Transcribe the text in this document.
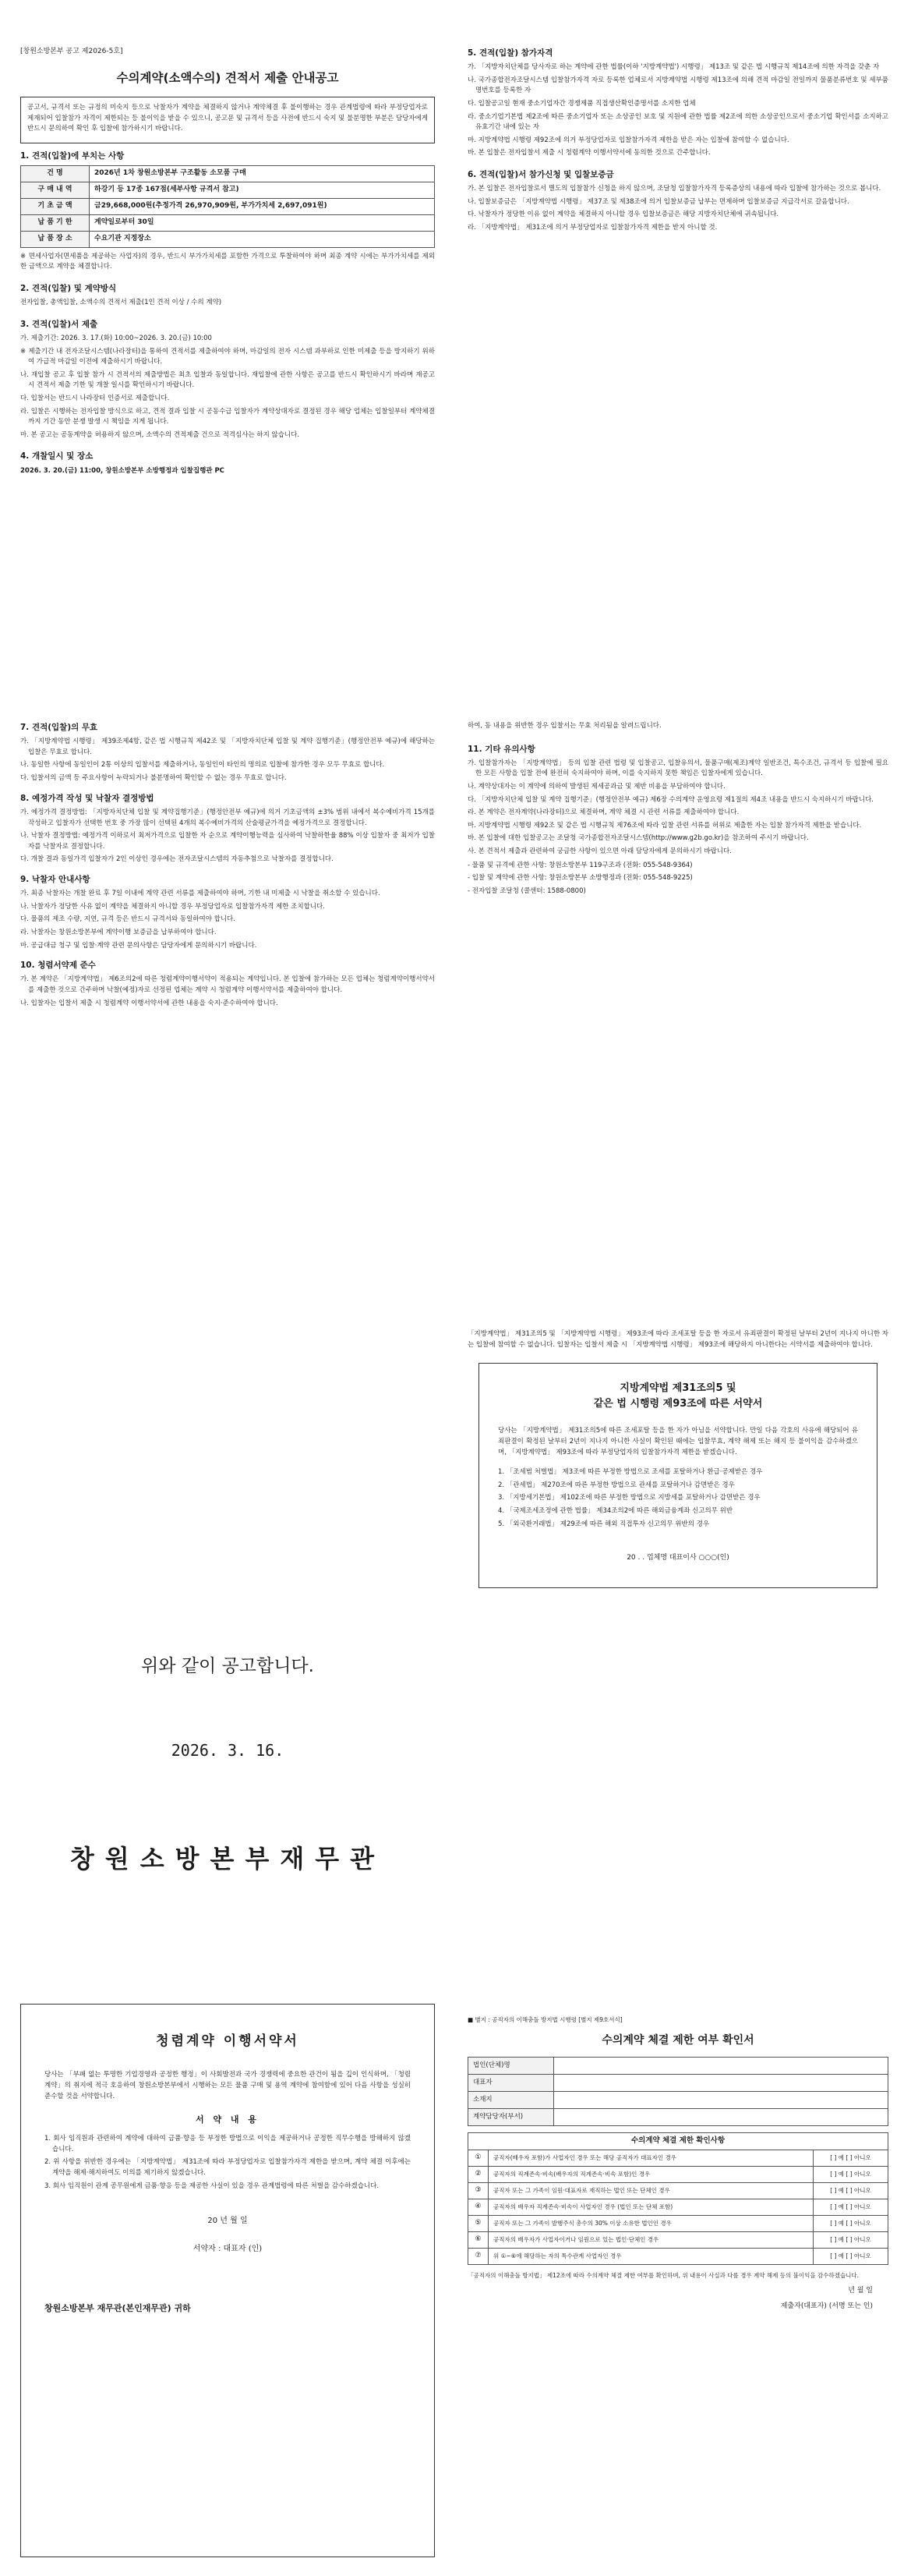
[창원소방본부 공고 제2026-5호]
수의계약(소액수의) 견적서 제출 안내공고
공고서, 규격서 또는 규정의 미숙지 등으로 낙찰자가 계약을 체결하지 않거나 계약체결 후 불이행하는 경우 관계법령에 따라 부정당업자로 제재되어 입찰참가 자격이 제한되는 등 불이익을 받을 수 있으니, 공고문 및 규격서 등을 사전에 반드시 숙지 및 불분명한 부분은 담당자에게 반드시 문의하여 확인 후 입찰에 참가하시기 바랍니다.
1. 견적(입찰)에 부치는 사항
건 명	2026년 1차 창원소방본부 구조활동 소모품 구매
구 매 내 역	하강기 등 17종 167점(세부사항 규격서 참고)
기 초 금 액	금29,668,000원(추정가격 26,970,909원, 부가가치세 2,697,091원)
납 품 기 한	계약일로부터 30일
납 품 장 소	수요기관 지정장소
※ 면세사업자(면세품을 제공하는 사업자)의 경우, 반드시 부가가치세를 포함한 가격으로 투찰하여야 하며 최종 계약 시에는 부가가치세를 제외한 금액으로 계약을 체결합니다.
2. 견적(입찰) 및 계약방식
전자입찰, 총액입찰, 소액수의 견적서 제출(1인 견적 이상 / 수의 계약)
3. 견적(입찰)서 제출
가. 제출기간: 2026. 3. 17.(화) 10:00~2026. 3. 20.(금) 10:00
※ 제출기간 내 전자조달시스템(나라장터)을 통하여 견적서를 제출하여야 하며, 마감일의 전자 시스템 과부하로 인한 미제출 등을 방지하기 위하여 가급적 마감일 이전에 제출하시기 바랍니다.
나. 재입찰 공고 후 입찰 참가 시 견적서의 제출방법은 최초 입찰과 동일합니다. 재입찰에 관한 사항은 공고를 반드시 확인하시기 바라며 재공고 시 견적서 제출 기한 및 개찰 일시를 확인하시기 바랍니다.
다. 입찰서는 반드시 나라장터 인증서로 제출합니다.
라. 입찰은 시행하는 전자입찰 방식으로 하고, 견적 결과 입찰 시 공동수급 입찰자가 계약상대자로 결정된 경우 해당 업체는 입찰일부터 계약체결까지 기간 동안 분쟁 발생 시 책임을 지게 됩니다.
마. 본 공고는 공동계약을 허용하지 않으며, 소액수의 견적제출 건으로 적격심사는 하지 않습니다.
4. 개찰일시 및 장소
2026. 3. 20.(금) 11:00, 창원소방본부 소방행정과 입찰집행관 PC
5. 견적(입찰) 참가자격
가. 「지방자치단체를 당사자로 하는 계약에 관한 법률(이하 '지방계약법') 시행령」 제13조 및 같은 법 시행규칙 제14조에 의한 자격을 갖춘 자
나. 국가종합전자조달시스템 입찰참가자격 자로 등록한 업체로서 지방계약법 시행령 제13조에 의해 견적 마감일 전일까지 물품분류번호 및 세부품명번호를 등록한 자
다. 입찰공고일 현재 중소기업자간 경쟁제품 직접생산확인증명서를 소지한 업체
라. 중소기업기본법 제2조에 따른 중소기업자 또는 소상공인 보호 및 지원에 관한 법률 제2조에 의한 소상공인으로서 중소기업 확인서를 소지하고 유효기간 내에 있는 자
마. 지방계약법 시행령 제92조에 의거 부정당업자로 입찰참가자격 제한을 받은 자는 입찰에 참여할 수 없습니다.
바. 본 입찰은 전자입찰서 제출 시 청렴계약 이행서약서에 동의한 것으로 간주합니다.
6. 견적(입찰)서 참가신청 및 입찰보증금
가. 본 입찰은 전자입찰로서 별도의 입찰참가 신청을 하지 않으며, 조달청 입찰참가자격 등록증상의 내용에 따라 입찰에 참가하는 것으로 봅니다.
나. 입찰보증금은 「지방계약법 시행령」 제37조 및 제38조에 의거 입찰보증금 납부는 면제하며 입찰보증금 지급각서로 갈음합니다.
다. 낙찰자가 정당한 이유 없이 계약을 체결하지 아니할 경우 입찰보증금은 해당 지방자치단체에 귀속됩니다.
라. 「지방계약법」 제31조에 의거 부정당업자로 입찰참가자격 제한을 받지 아니할 것.
7. 견적(입찰)의 무효
가. 「지방계약법 시행령」 제39조제4항, 같은 법 시행규칙 제42조 및 「지방자치단체 입찰 및 계약 집행기준」(행정안전부 예규)에 해당하는 입찰은 무효로 합니다.
나. 동일한 사항에 동일인이 2통 이상의 입찰서를 제출하거나, 동일인이 타인의 명의로 입찰에 참가한 경우 모두 무효로 합니다.
다. 입찰서의 금액 등 주요사항이 누락되거나 불분명하여 확인할 수 없는 경우 무효로 합니다.
8. 예정가격 작성 및 낙찰자 결정방법
가. 예정가격 결정방법: 「지방자치단체 입찰 및 계약집행기준」(행정안전부 예규)에 의거 기초금액의 ±3% 범위 내에서 복수예비가격 15개를 작성하고 입찰자가 선택한 번호 중 가장 많이 선택된 4개의 복수예비가격의 산술평균가격을 예정가격으로 결정합니다.
나. 낙찰자 결정방법: 예정가격 이하로서 최저가격으로 입찰한 자 순으로 계약이행능력을 심사하여 낙찰하한율 88% 이상 입찰자 중 최저가 입찰자를 낙찰자로 결정합니다.
다. 개찰 결과 동일가격 입찰자가 2인 이상인 경우에는 전자조달시스템의 자동추첨으로 낙찰자를 결정합니다.
9. 낙찰자 안내사항
가. 최종 낙찰자는 개찰 완료 후 7일 이내에 계약 관련 서류를 제출하여야 하며, 기한 내 미제출 시 낙찰을 취소할 수 있습니다.
나. 낙찰자가 정당한 사유 없이 계약을 체결하지 아니할 경우 부정당업자로 입찰참가자격 제한 조치합니다.
다. 물품의 제조 수량, 지연, 규격 등은 반드시 규격서와 동일하여야 합니다.
라. 낙찰자는 창원소방본부에 계약이행 보증금을 납부하여야 합니다.
마. 공급대금 청구 및 입찰·계약 관련 문의사항은 담당자에게 문의하시기 바랍니다.
10. 청렴서약제 준수
가. 본 계약은 「지방계약법」 제6조의2에 따른 청렴계약이행서약이 적용되는 계약입니다. 본 입찰에 참가하는 모든 업체는 청렴계약이행서약서를 제출한 것으로 간주하며 낙찰(예정)자로 선정된 업체는 계약 시 청렴계약 이행서약서를 제출하여야 합니다.
나. 입찰자는 입찰서 제출 시 청렴계약 이행서약서에 관한 내용을 숙지·준수하여야 합니다.
하여, 동 내용을 위반한 경우 입찰서는 무효 처리됨을 알려드립니다.
11. 기타 유의사항
가. 입찰참가자는 「지방계약법」 등의 입찰 관련 법령 및 입찰공고, 입찰유의서, 물품구매(제조)계약 일반조건, 특수조건, 규격서 등 입찰에 필요한 모든 사항을 입찰 전에 완전히 숙지하여야 하며, 이를 숙지하지 못한 책임은 입찰자에게 있습니다.
나. 계약상대자는 이 계약에 의하여 발생된 제세공과금 및 제반 비용을 부담하여야 합니다.
다. 「지방자치단체 입찰 및 계약 집행기준」(행정안전부 예규) 제6장 수의계약 운영요령 제1절의 제4조 내용을 반드시 숙지하시기 바랍니다.
라. 본 계약은 전자계약(나라장터)으로 체결하며, 계약 체결 시 관련 서류를 제출하여야 합니다.
마. 지방계약법 시행령 제92조 및 같은 법 시행규칙 제76조에 따라 입찰 관련 서류를 허위로 제출한 자는 입찰 참가자격 제한을 받습니다.
바. 본 입찰에 대한 입찰공고는 조달청 국가종합전자조달시스템(http://www.g2b.go.kr)을 참조하여 주시기 바랍니다.
사. 본 견적서 제출과 관련하여 궁금한 사항이 있으면 아래 담당자에게 문의하시기 바랍니다.
- 물품 및 규격에 관한 사항: 창원소방본부 119구조과 (전화: 055-548-9364)
- 입찰 및 계약에 관한 사항: 창원소방본부 소방행정과 (전화: 055-548-9225)
- 전자입찰 조달청 (콜센터: 1588-0800)
위와 같이 공고합니다.
2026. 3. 16.
창원소방본부재무관
「지방계약법」 제31조의5 및 「지방계약법 시행령」 제93조에 따라 조세포탈 등을 한 자로서 유죄판결이 확정된 날부터 2년이 지나지 아니한 자는 입찰에 참여할 수 없습니다. 입찰자는 입찰서 제출 시 「지방계약법 시행령」 제93조에 해당하지 아니한다는 서약서를 제출하여야 합니다.
지방계약법 제31조의5 및
같은 법 시행령 제93조에 따른 서약서
당사는 「지방계약법」 제31조의5에 따른 조세포탈 등을 한 자가 아님을 서약합니다. 만일 다음 각호의 사유에 해당되어 유죄판결이 확정된 날부터 2년이 지나지 아니한 사실이 확인된 때에는 입찰무효, 계약 해제 또는 해지 등 불이익을 감수하겠으며, 「지방계약법」 제93조에 따라 부정당업자의 입찰참가자격 제한을 받겠습니다.
1. 「조세범 처벌법」 제3조에 따른 부정한 방법으로 조세를 포탈하거나 환급·공제받은 경우
2. 「관세법」 제270조에 따른 부정한 방법으로 관세를 포탈하거나 감면받은 경우
3. 「지방세기본법」 제102조에 따른 부정한 방법으로 지방세를 포탈하거나 감면받은 경우
4. 「국제조세조정에 관한 법률」 제34조의2에 따른 해외금융계좌 신고의무 위반
5. 「외국환거래법」 제29조에 따른 해외 직접투자 신고의무 위반의 경우
20 . . 업체명 대표이사 ○○○(인)
청렴계약 이행서약서
당사는 「부패 없는 투명한 기업경영과 공정한 행정」이 사회발전과 국가 경쟁력에 중요한 관건이 됨을 깊이 인식하며, 「청렴계약」의 취지에 적극 호응하여 창원소방본부에서 시행하는 모든 물품 구매 및 용역 계약에 참여함에 있어 다음 사항을 성실히 준수할 것을 서약합니다.
서 약 내 용
1. 회사 임직원과 관련하여 계약에 대하여 금품·향응 등 부정한 방법으로 이익을 제공하거나 공정한 직무수행을 방해하지 않겠습니다.
2. 위 사항을 위반한 경우에는 「지방계약법」 제31조에 따라 부정당업자로 입찰참가자격 제한을 받으며, 계약 체결 이후에는 계약을 해제·해지하여도 이의를 제기하지 않겠습니다.
3. 회사 임직원이 관계 공무원에게 금품·향응 등을 제공한 사실이 있을 경우 관계법령에 따른 처벌을 감수하겠습니다.
20 년 월 일
서약자 : 대표자 (인)
창원소방본부 재무관(본인재무관) 귀하
■ 별지 : 공직자의 이해충돌 방지법 시행령 [별지 제9호서식]
수의계약 체결 제한 여부 확인서
법인(단체)명	
대표자	
소재지	
계약담당자(부서)	
수의계약 체결 제한 확인사항
①	공직자(배우자 포함)가 사업자인 경우 또는 해당 공직자가 대표자인 경우	[ ] 예 [ ] 아니오
②	공직자의 직계존속·비속(배우자의 직계존속·비속 포함)인 경우	[ ] 예 [ ] 아니오
③	공직자 또는 그 가족이 임원·대표자로 재직하는 법인 또는 단체인 경우	[ ] 예 [ ] 아니오
④	공직자의 배우자 직계존속·비속이 사업자인 경우 (법인 또는 단체 포함)	[ ] 예 [ ] 아니오
⑤	공직자 또는 그 가족이 발행주식 총수의 30% 이상 소유한 법인인 경우	[ ] 예 [ ] 아니오
⑥	공직자의 배우자가 사업자이거나 임원으로 있는 법인·단체인 경우	[ ] 예 [ ] 아니오
⑦	위 ①~⑥에 해당하는 자의 특수관계 사업자인 경우	[ ] 예 [ ] 아니오
「공직자의 이해충돌 방지법」 제12조에 따라 수의계약 체결 제한 여부를 확인하며, 위 내용이 사실과 다를 경우 계약 해제 등의 불이익을 감수하겠습니다.
년 월 일
제출자(대표자) (서명 또는 인)
